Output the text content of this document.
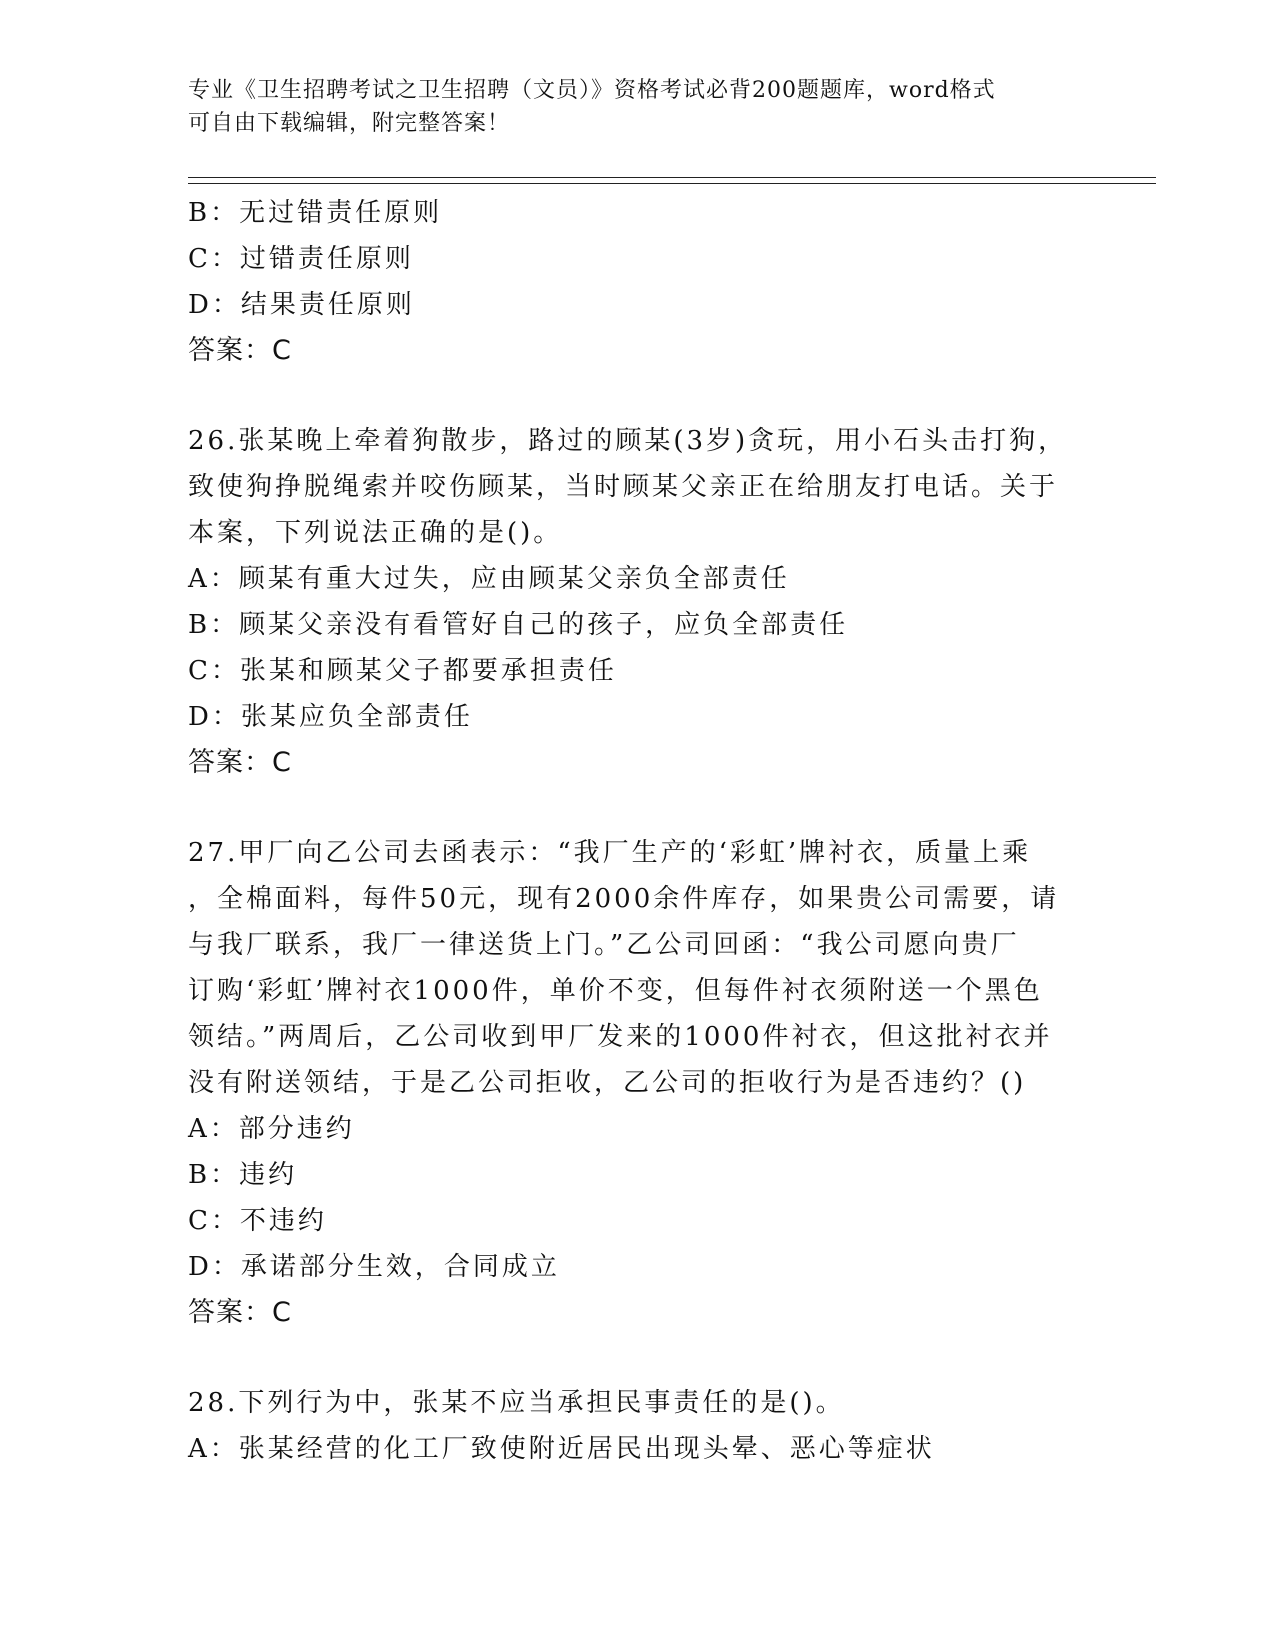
专业《卫生招聘考试之卫生招聘（文员）》资格考试必背200题题库，word格式
可自由下载编辑，附完整答案！
B：无过错责任原则
C：过错责任原则
D：结果责任原则
答案：C
26.张某晚上牵着狗散步，路过的顾某(3岁)贪玩，用小石头击打狗，
致使狗挣脱绳索并咬伤顾某，当时顾某父亲正在给朋友打电话。关于
本案，下列说法正确的是()。
A：顾某有重大过失，应由顾某父亲负全部责任
B：顾某父亲没有看管好自己的孩子，应负全部责任
C：张某和顾某父子都要承担责任
D：张某应负全部责任
答案：C
27.甲厂向乙公司去函表示：“我厂生产的‘彩虹’牌衬衣，质量上乘
，全棉面料，每件50元，现有2000余件库存，如果贵公司需要，请
与我厂联系，我厂一律送货上门。”乙公司回函：“我公司愿向贵厂
订购‘彩虹’牌衬衣1000件，单价不变，但每件衬衣须附送一个黑色
领结。”两周后，乙公司收到甲厂发来的1000件衬衣，但这批衬衣并
没有附送领结，于是乙公司拒收，乙公司的拒收行为是否违约？()
A：部分违约
B：违约
C：不违约
D：承诺部分生效，合同成立
答案：C
28.下列行为中，张某不应当承担民事责任的是()。
A：张某经营的化工厂致使附近居民出现头晕、恶心等症状
